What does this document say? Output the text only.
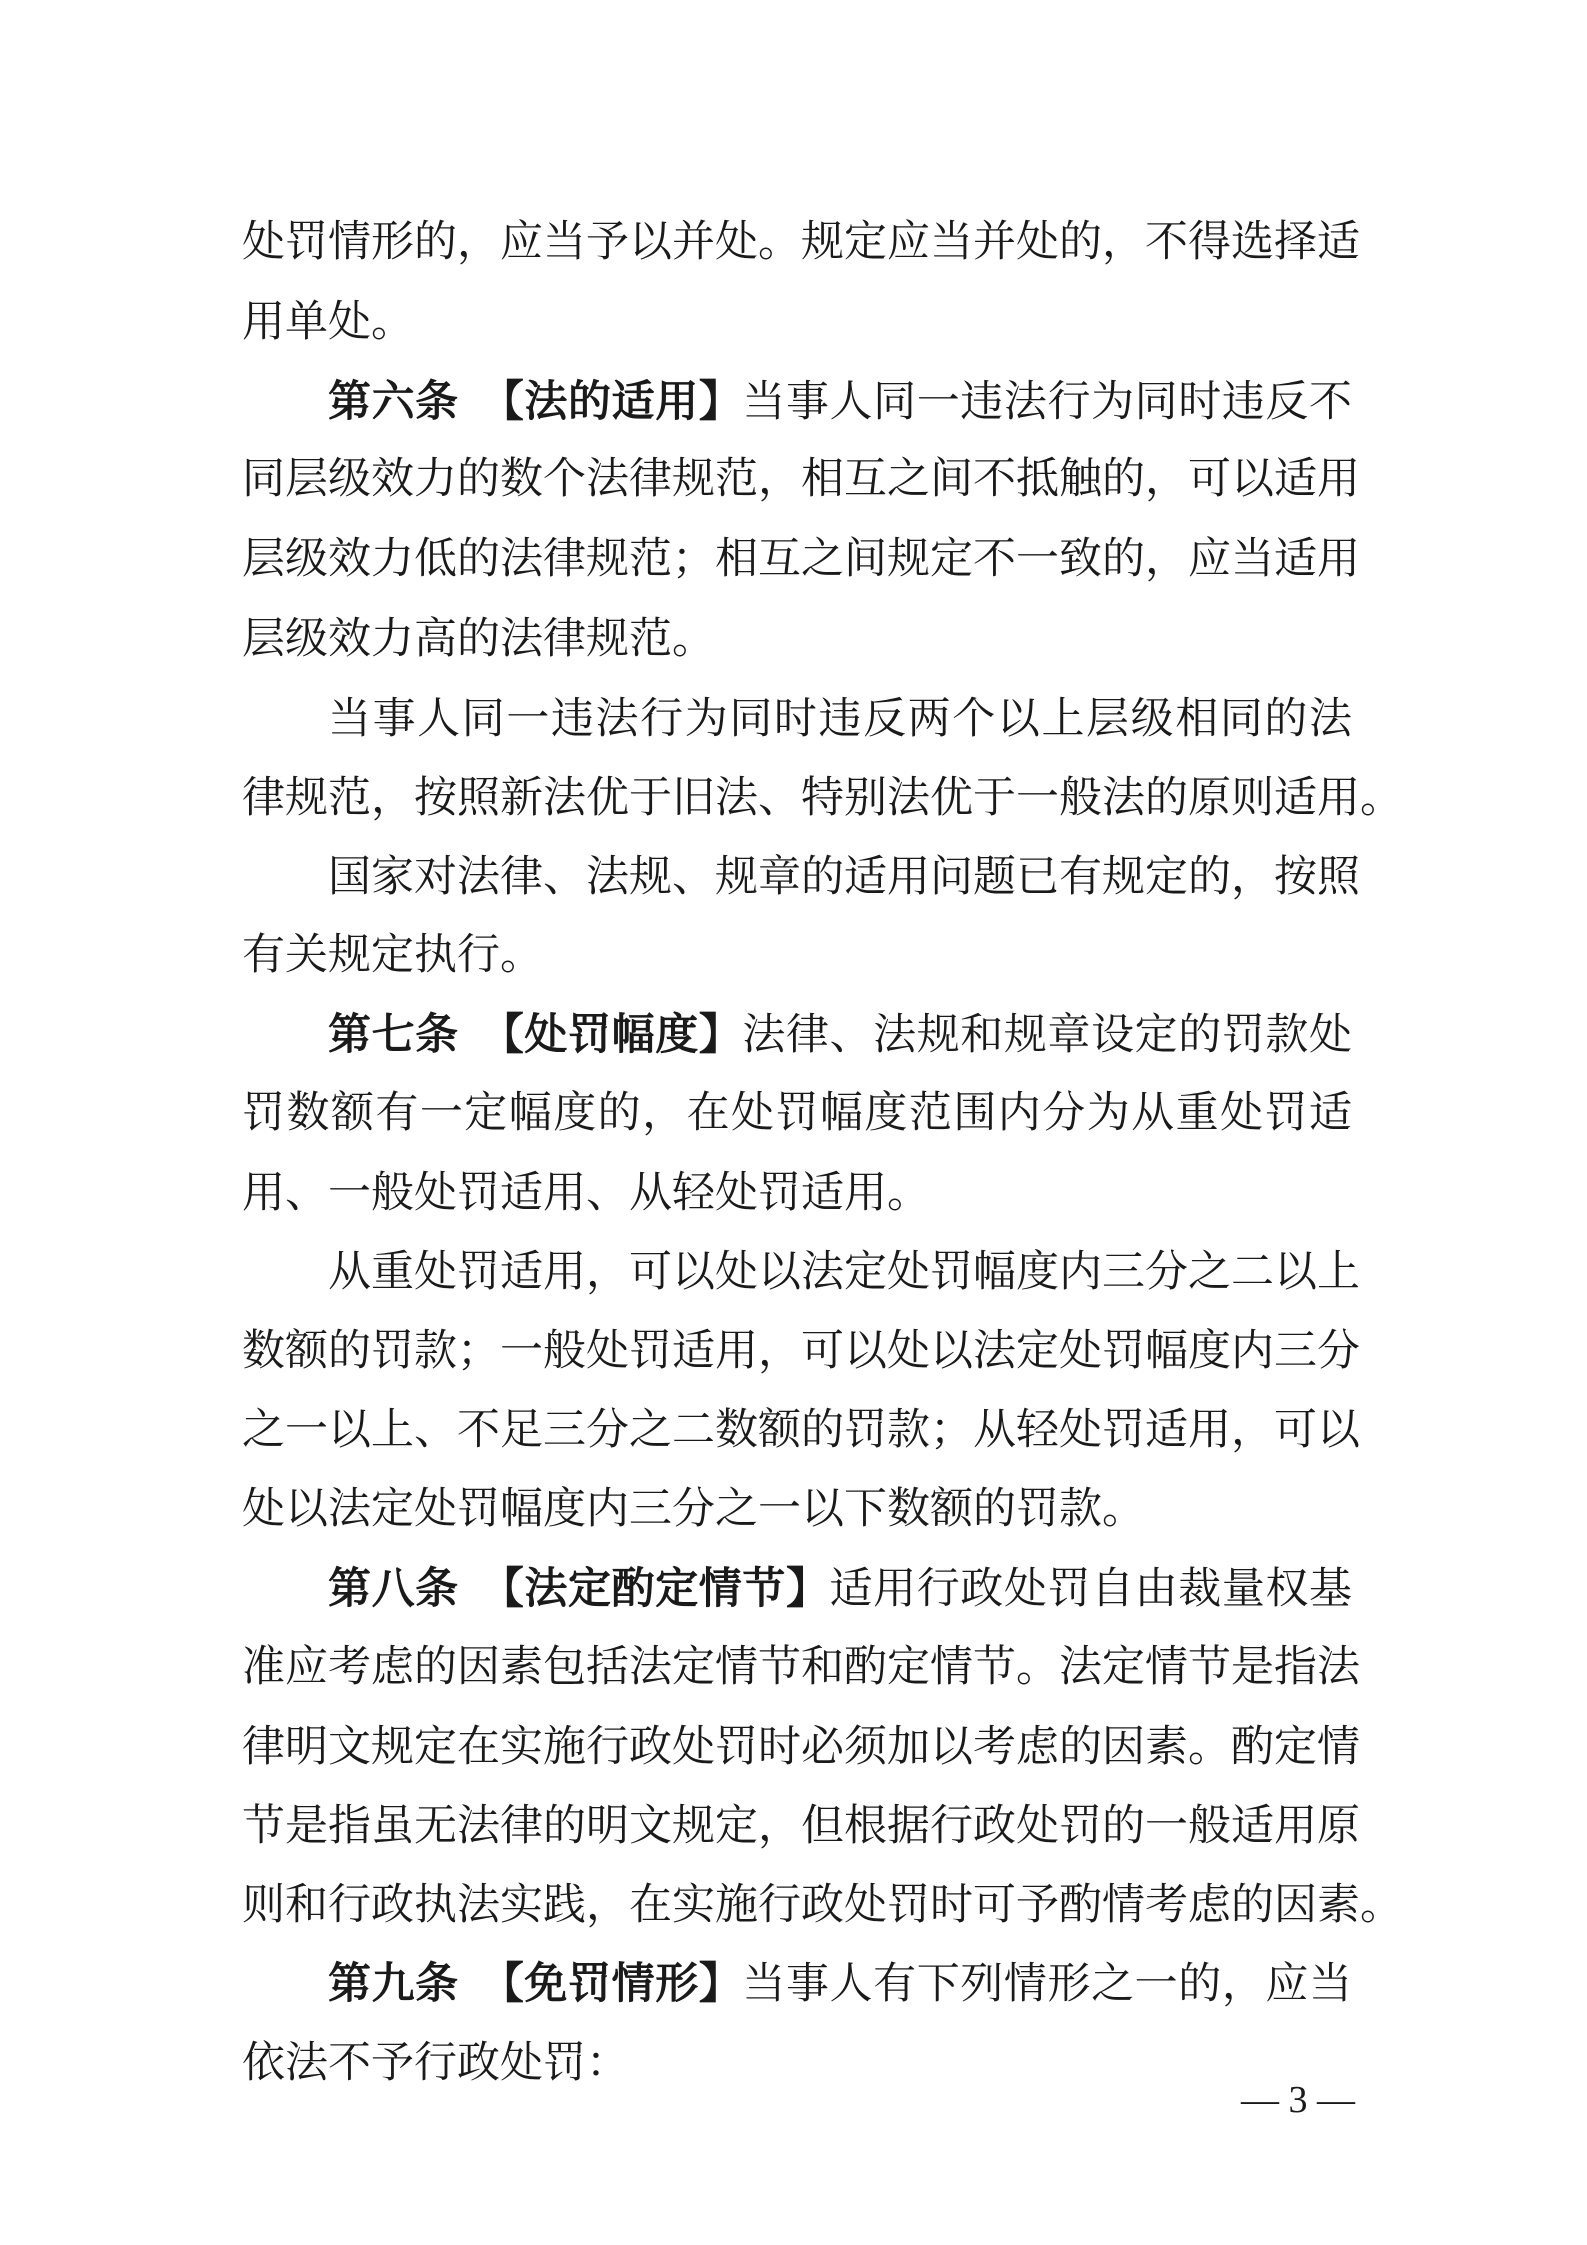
处罚情形的，应当予以并处。规定应当并处的，不得选择适
用单处。
第六条　【法的适用】当事人同一违法行为同时违反不
同层级效力的数个法律规范，相互之间不抵触的，可以适用
层级效力低的法律规范；相互之间规定不一致的，应当适用
层级效力高的法律规范。
当事人同一违法行为同时违反两个以上层级相同的法
律规范，按照新法优于旧法、特别法优于一般法的原则适用。
国家对法律、法规、规章的适用问题已有规定的，按照
有关规定执行。
第七条　【处罚幅度】法律、法规和规章设定的罚款处
罚数额有一定幅度的，在处罚幅度范围内分为从重处罚适
用、一般处罚适用、从轻处罚适用。
从重处罚适用，可以处以法定处罚幅度内三分之二以上
数额的罚款；一般处罚适用，可以处以法定处罚幅度内三分
之一以上、不足三分之二数额的罚款；从轻处罚适用，可以
处以法定处罚幅度内三分之一以下数额的罚款。
第八条　【法定酌定情节】适用行政处罚自由裁量权基
准应考虑的因素包括法定情节和酌定情节。法定情节是指法
律明文规定在实施行政处罚时必须加以考虑的因素。酌定情
节是指虽无法律的明文规定，但根据行政处罚的一般适用原
则和行政执法实践，在实施行政处罚时可予酌情考虑的因素。
第九条　【免罚情形】当事人有下列情形之一的，应当
依法不予行政处罚：
— 3 —
